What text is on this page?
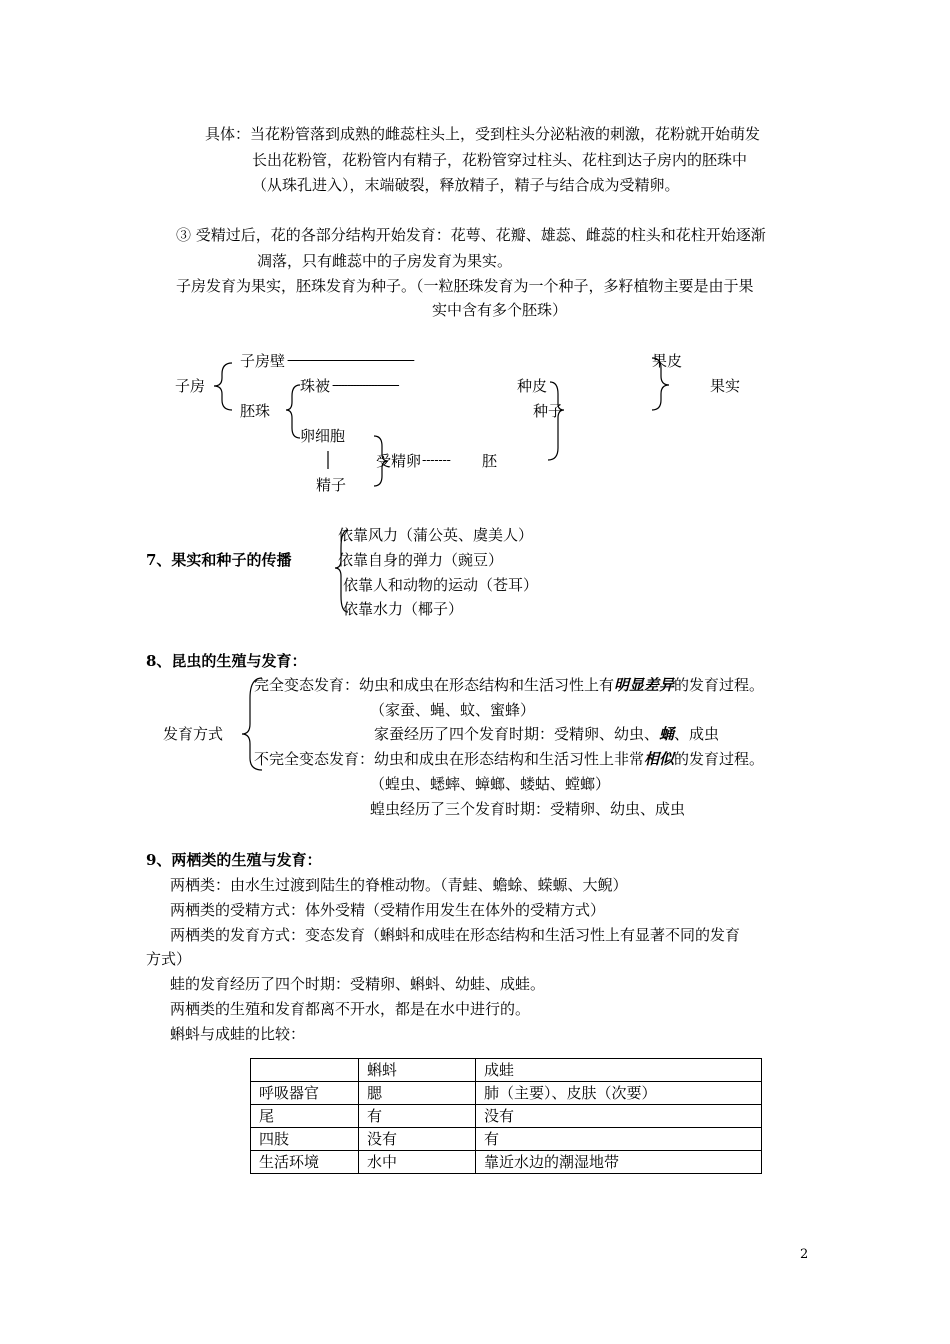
具体：当花粉管落到成熟的雌蕊柱头上，受到柱头分泌粘液的刺激，花粉就开始萌发
长出花粉管，花粉管内有精子，花粉管穿过柱头、花柱到达子房内的胚珠中
（从珠孔进入），末端破裂，释放精子，精子与结合成为受精卵。
③ 受精过后，花的各部分结构开始发育：花萼、花瓣、雄蕊、雌蕊的柱头和花柱开始逐渐
凋落，只有雌蕊中的子房发育为果实。
子房发育为果实，胚珠发育为种子。（一粒胚珠发育为一个种子，多籽植物主要是由于果
实中含有多个胚珠）
子房
子房壁 --------------------------------------------	果皮
果实
珠被 ----------------------	种皮
胚珠	种子
卵细胞
受精卵 ------- 胚
精子
7、果实和种子的传播
依靠风力（蒲公英、虞美人）
依靠自身的弹力（豌豆）
依靠人和动物的运动（苍耳）
依靠水力（椰子）
8、昆虫的生殖与发育：
发育方式
完全变态发育：幼虫和成虫在形态结构和生活习性上有明显差异的发育过程。
（家蚕、蝇、蚊、蜜蜂）
家蚕经历了四个发育时期：受精卵、幼虫、蛹、成虫
不完全变态发育：幼虫和成虫在形态结构和生活习性上非常相似的发育过程。
（蝗虫、蟋蟀、蟑螂、蝼蛄、螳螂）
蝗虫经历了三个发育时期：受精卵、幼虫、成虫
9、两栖类的生殖与发育：
两栖类：由水生过渡到陆生的脊椎动物。（青蛙、蟾蜍、蝾螈、大鲵）
两栖类的受精方式：体外受精（受精作用发生在体外的受精方式）
两栖类的发育方式：变态发育（蝌蚪和成哇在形态结构和生活习性上有显著不同的发育
方式）
蛙的发育经历了四个时期：受精卵、蝌蚪、幼蛙、成蛙。
两栖类的生殖和发育都离不开水，都是在水中进行的。
蝌蚪与成蛙的比较：
	蝌蚪	成蛙
呼吸器官	腮	肺（主要）、皮肤（次要）
尾	有	没有
四肢	没有	有
生活环境	水中	靠近水边的潮湿地带
2
